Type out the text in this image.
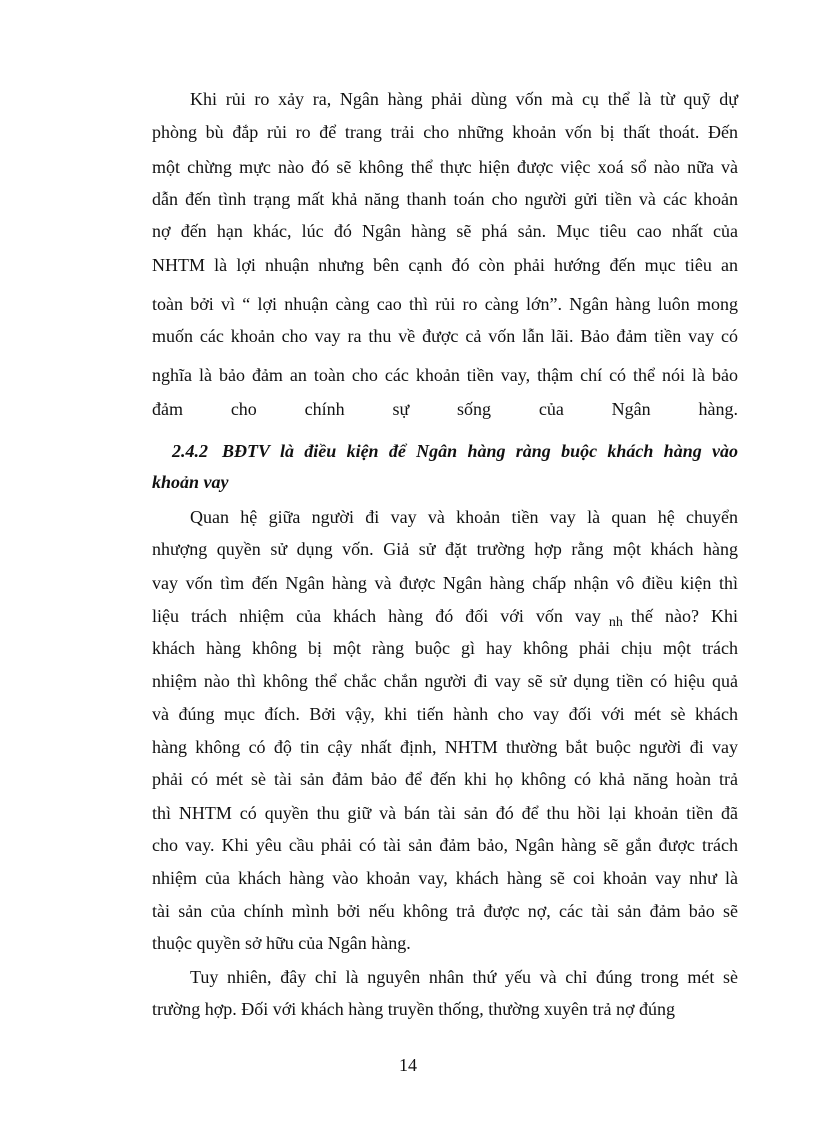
Khi rủi ro xảy ra, Ngân hàng phải dùng vốn mà cụ thể là từ quỹ dự
phòng bù đắp rủi ro để trang trải cho những khoản vốn bị thất thoát. Đến
một chừng mực nào đó sẽ không thể thực hiện được việc xoá sổ nào nữa và
dẫn đến tình trạng mất khả năng thanh toán cho người gửi tiền và các khoản
nợ đến hạn khác, lúc đó Ngân hàng sẽ phá sản. Mục tiêu cao nhất của
NHTM là lợi nhuận nhưng bên cạnh đó còn phải hướng đến mục tiêu an
toàn bởi vì “ lợi nhuận càng cao thì rủi ro càng lớn”. Ngân hàng luôn mong
muốn các khoản cho vay ra thu về được cả vốn lẫn lãi. Bảo đảm tiền vay có
nghĩa là bảo đảm an toàn cho các khoản tiền vay, thậm chí có thể nói là bảo
đảm cho chính sự sống của Ngân hàng.
2.4.2 BĐTV là điều kiện để Ngân hàng ràng buộc khách hàng vào
khoản vay
Quan hệ giữa người đi vay và khoản tiền vay là quan hệ chuyển
nhượng quyền sử dụng vốn. Giả sử đặt trường hợp rằng một khách hàng
vay vốn tìm đến Ngân hàng và được Ngân hàng chấp nhận vô điều kiện thì
liệu trách nhiệm của khách hàng đó đối với vốn vay $_{nh}$ thế nào? Khi
khách hàng không bị một ràng buộc gì hay không phải chịu một trách
nhiệm nào thì không thể chắc chắn người đi vay sẽ sử dụng tiền có hiệu quả
và đúng mục đích. Bởi vậy, khi tiến hành cho vay đối với mét sè khách
hàng không có độ tin cậy nhất định, NHTM thường bắt buộc người đi vay
phải có mét sè tài sản đảm bảo để đến khi họ không có khả năng hoàn trả
thì NHTM có quyền thu giữ và bán tài sản đó để thu hồi lại khoản tiền đã
cho vay. Khi yêu cầu phải có tài sản đảm bảo, Ngân hàng sẽ gắn được trách
nhiệm của khách hàng vào khoản vay, khách hàng sẽ coi khoản vay như là
tài sản của chính mình bởi nếu không trả được nợ, các tài sản đảm bảo sẽ
thuộc quyền sở hữu của Ngân hàng.
Tuy nhiên, đây chỉ là nguyên nhân thứ yếu và chỉ đúng trong mét sè
trường hợp. Đối với khách hàng truyền thống, thường xuyên trả nợ đúng
14
